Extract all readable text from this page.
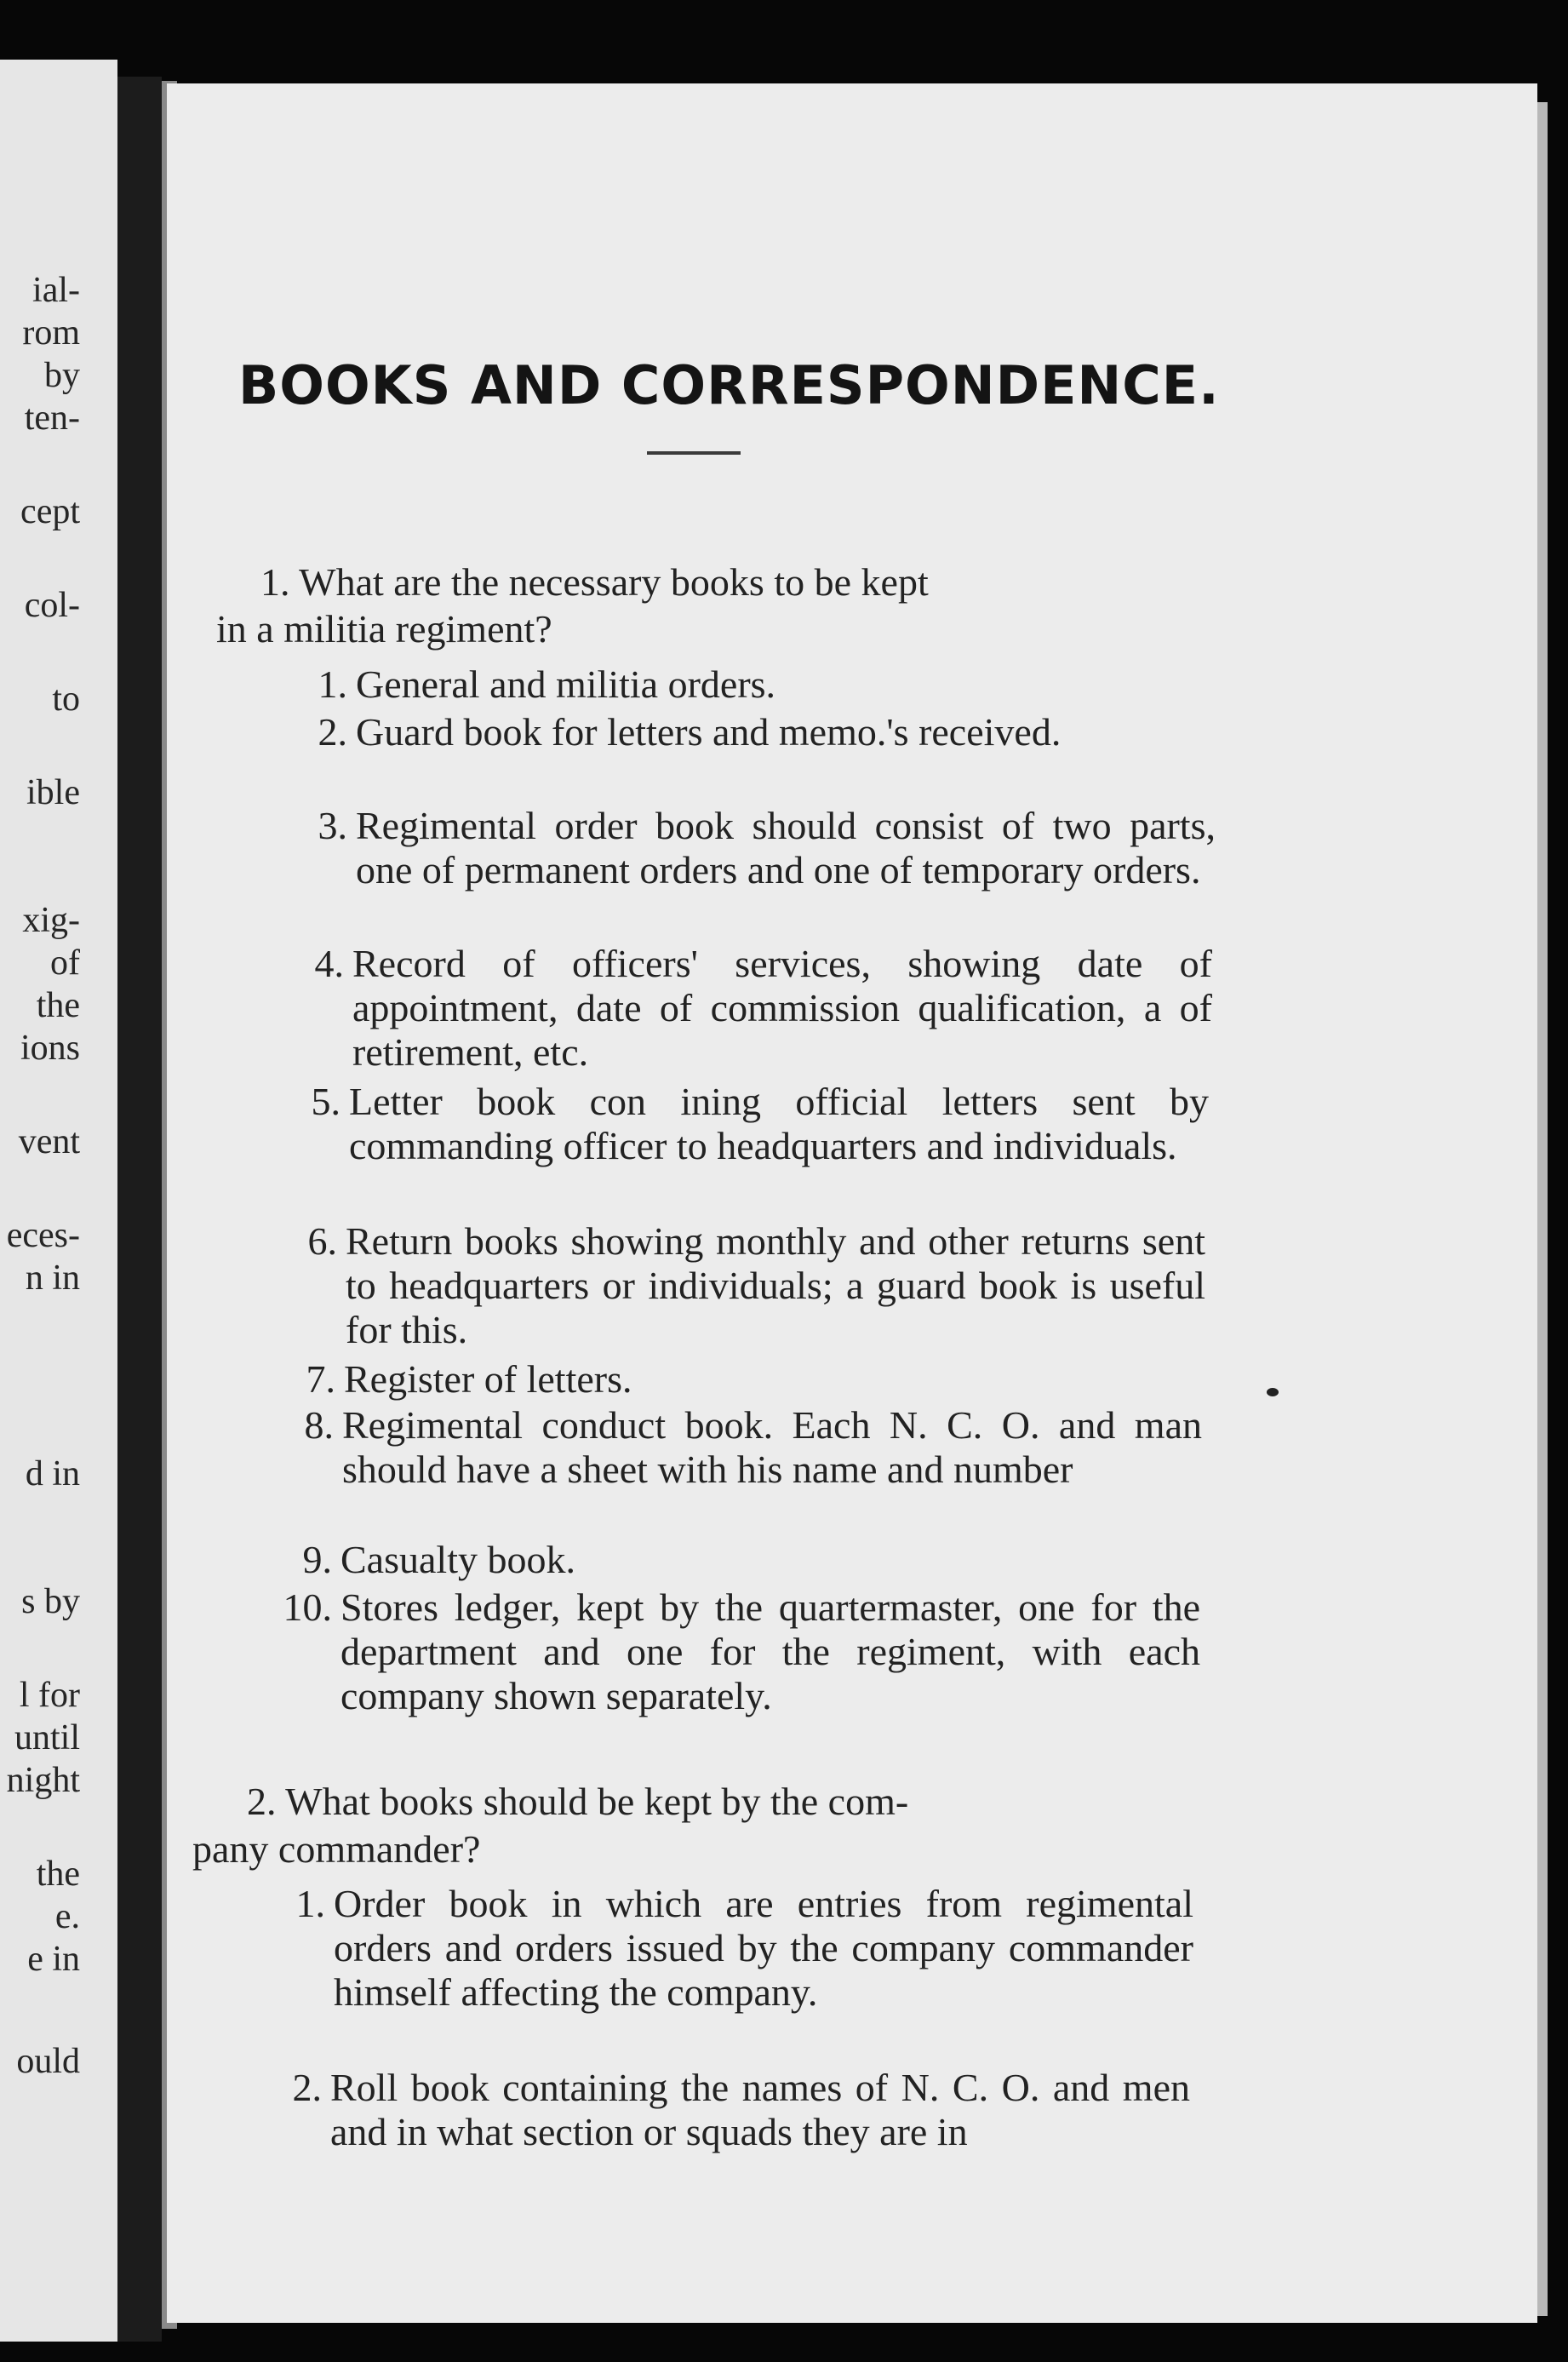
ial-
rom
by
ten-
cept
col-
to
ible
xig-
of
the
ions
vent
eces-
n in
d in
s by
l for
until
night
the
e.
e in
ould
BOOKS AND CORRESPONDENCE.
1. What are the necessary books to be kept
in a militia regiment?
1. General and militia orders.
2. Guard book for letters and memo.'s received.
3. Regimental order book should consist of two parts, one of permanent orders and one of temporary orders.
4. Record of officers' services, showing date of appointment, date of commission qualification, a of retirement, etc.
5. Letter book con ining official letters sent by commanding officer to headquarters and individuals.
6. Return books showing monthly and other returns sent to headquarters or individuals; a guard book is useful for this.
7. Register of letters.
8. Regimental conduct book. Each N. C. O. and man should have a sheet with his name and number
9. Casualty book.
10. Stores ledger, kept by the quartermaster, one for the department and one for the regiment, with each company shown separately.
2. What books should be kept by the com-
pany commander?
1. Order book in which are entries from regimental orders and orders issued by the company commander himself affecting the company.
2. Roll book containing the names of N. C. O. and men and in what section or squads they are in
